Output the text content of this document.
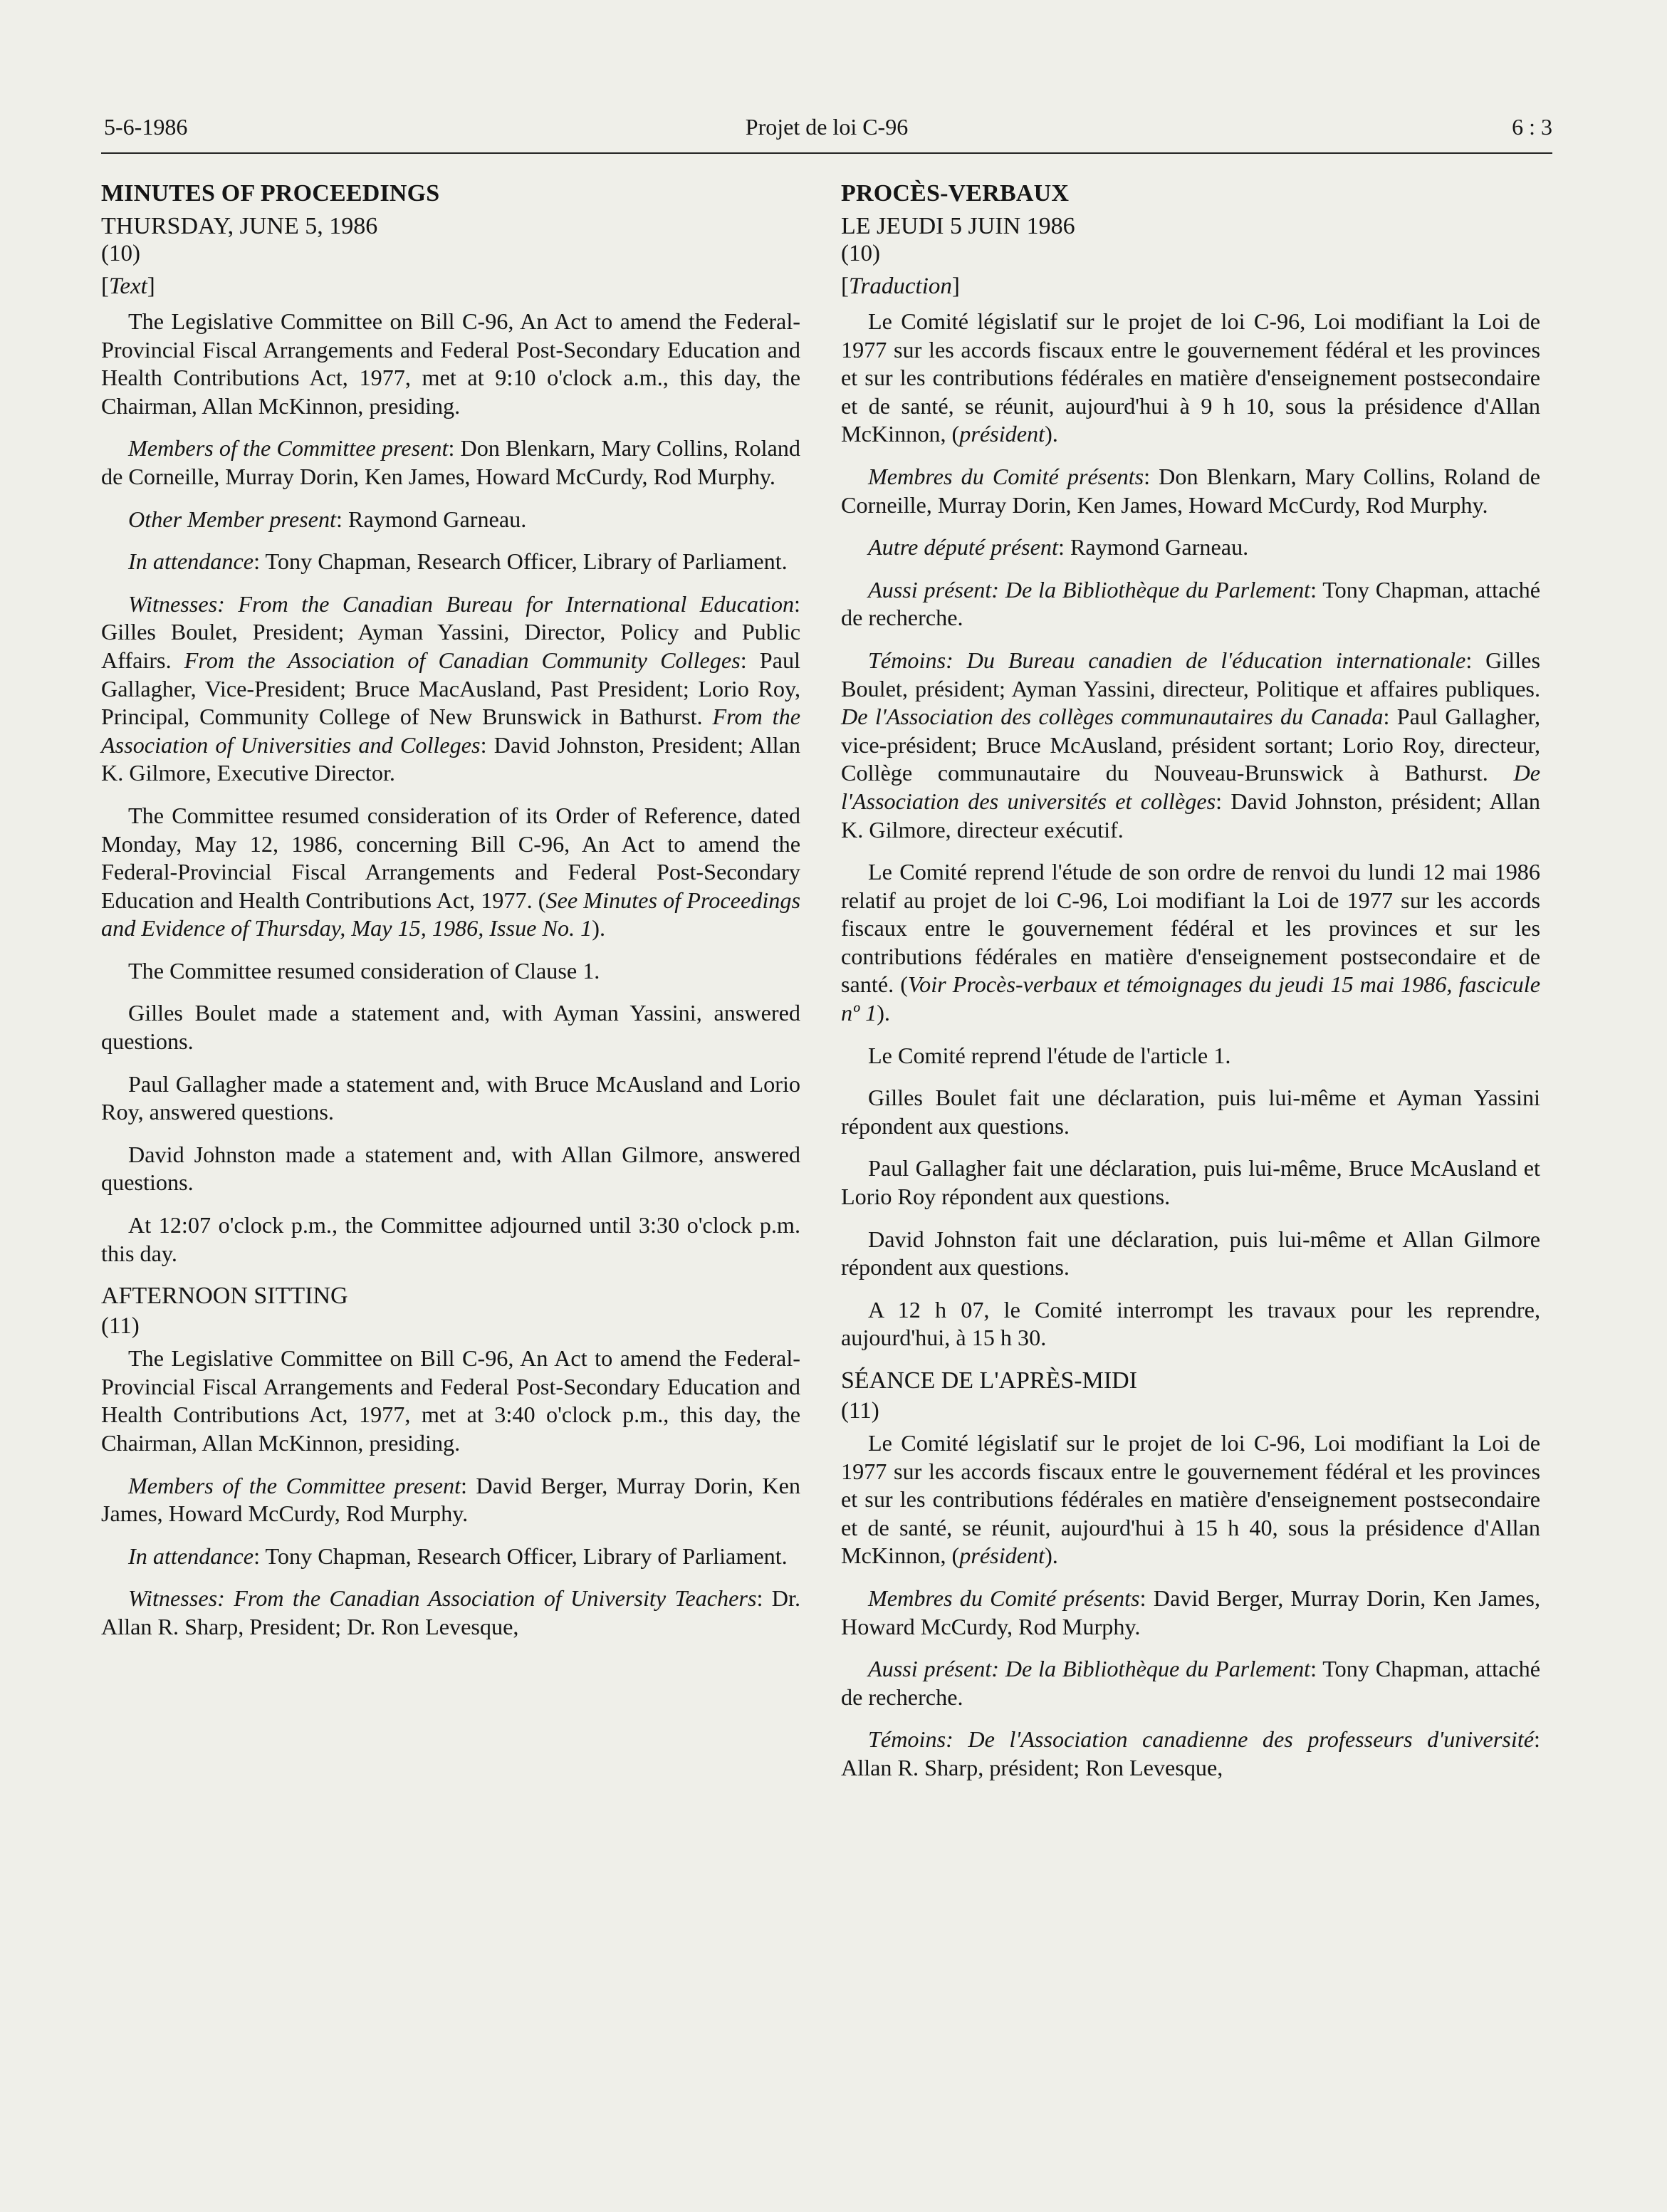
5-6-1986	Projet de loi C-96	6 : 3
MINUTES OF PROCEEDINGS
THURSDAY, JUNE 5, 1986
(10)
[Text]

The Legislative Committee on Bill C-96, An Act to amend the Federal-Provincial Fiscal Arrangements and Federal Post-Secondary Education and Health Contributions Act, 1977, met at 9:10 o'clock a.m., this day, the Chairman, Allan McKinnon, presiding.

Members of the Committee present: Don Blenkarn, Mary Collins, Roland de Corneille, Murray Dorin, Ken James, Howard McCurdy, Rod Murphy.

Other Member present: Raymond Garneau.

In attendance: Tony Chapman, Research Officer, Library of Parliament.

Witnesses: From the Canadian Bureau for International Education: Gilles Boulet, President; Ayman Yassini, Director, Policy and Public Affairs. From the Association of Canadian Community Colleges: Paul Gallagher, Vice-President; Bruce MacAusland, Past President; Lorio Roy, Principal, Community College of New Brunswick in Bathurst. From the Association of Universities and Colleges: David Johnston, President; Allan K. Gilmore, Executive Director.

The Committee resumed consideration of its Order of Reference, dated Monday, May 12, 1986, concerning Bill C-96, An Act to amend the Federal-Provincial Fiscal Arrangements and Federal Post-Secondary Education and Health Contributions Act, 1977. (See Minutes of Proceedings and Evidence of Thursday, May 15, 1986, Issue No. 1).

The Committee resumed consideration of Clause 1.

Gilles Boulet made a statement and, with Ayman Yassini, answered questions.

Paul Gallagher made a statement and, with Bruce McAusland and Lorio Roy, answered questions.

David Johnston made a statement and, with Allan Gilmore, answered questions.

At 12:07 o'clock p.m., the Committee adjourned until 3:30 o'clock p.m. this day.

AFTERNOON SITTING
(11)

The Legislative Committee on Bill C-96, An Act to amend the Federal-Provincial Fiscal Arrangements and Federal Post-Secondary Education and Health Contributions Act, 1977, met at 3:40 o'clock p.m., this day, the Chairman, Allan McKinnon, presiding.

Members of the Committee present: David Berger, Murray Dorin, Ken James, Howard McCurdy, Rod Murphy.

In attendance: Tony Chapman, Research Officer, Library of Parliament.

Witnesses: From the Canadian Association of University Teachers: Dr. Allan R. Sharp, President; Dr. Ron Levesque,

PROCÈS-VERBAUX
LE JEUDI 5 JUIN 1986
(10)
[Traduction]

Le Comité législatif sur le projet de loi C-96, Loi modifiant la Loi de 1977 sur les accords fiscaux entre le gouvernement fédéral et les provinces et sur les contributions fédérales en matière d'enseignement postsecondaire et de santé, se réunit, aujourd'hui à 9 h 10, sous la présidence d'Allan McKinnon, (président).

Membres du Comité présents: Don Blenkarn, Mary Collins, Roland de Corneille, Murray Dorin, Ken James, Howard McCurdy, Rod Murphy.

Autre député présent: Raymond Garneau.

Aussi présent: De la Bibliothèque du Parlement: Tony Chapman, attaché de recherche.

Témoins: Du Bureau canadien de l'éducation internationale: Gilles Boulet, président; Ayman Yassini, directeur, Politique et affaires publiques. De l'Association des collèges communautaires du Canada: Paul Gallagher, vice-président; Bruce McAusland, président sortant; Lorio Roy, directeur, Collège communautaire du Nouveau-Brunswick à Bathurst. De l'Association des universités et collèges: David Johnston, président; Allan K. Gilmore, directeur exécutif.

Le Comité reprend l'étude de son ordre de renvoi du lundi 12 mai 1986 relatif au projet de loi C-96, Loi modifiant la Loi de 1977 sur les accords fiscaux entre le gouvernement fédéral et les provinces et sur les contributions fédérales en matière d'enseignement postsecondaire et de santé. (Voir Procès-verbaux et témoignages du jeudi 15 mai 1986, fascicule nº 1).

Le Comité reprend l'étude de l'article 1.

Gilles Boulet fait une déclaration, puis lui-même et Ayman Yassini répondent aux questions.

Paul Gallagher fait une déclaration, puis lui-même, Bruce McAusland et Lorio Roy répondent aux questions.

David Johnston fait une déclaration, puis lui-même et Allan Gilmore répondent aux questions.

A 12 h 07, le Comité interrompt les travaux pour les reprendre, aujourd'hui, à 15 h 30.

SÉANCE DE L'APRÈS-MIDI
(11)

Le Comité législatif sur le projet de loi C-96, Loi modifiant la Loi de 1977 sur les accords fiscaux entre le gouvernement fédéral et les provinces et sur les contributions fédérales en matière d'enseignement postsecondaire et de santé, se réunit, aujourd'hui à 15 h 40, sous la présidence d'Allan McKinnon, (président).

Membres du Comité présents: David Berger, Murray Dorin, Ken James, Howard McCurdy, Rod Murphy.

Aussi présent: De la Bibliothèque du Parlement: Tony Chapman, attaché de recherche.

Témoins: De l'Association canadienne des professeurs d'université: Allan R. Sharp, président; Ron Levesque,
